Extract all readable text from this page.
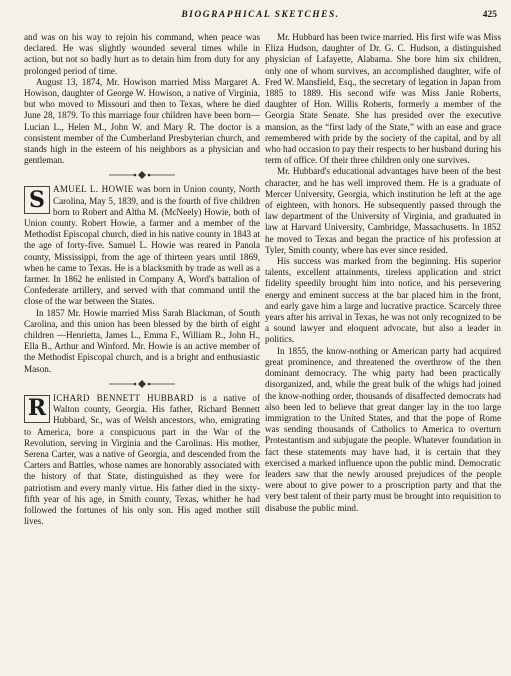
BIOGRAPHICAL SKETCHES.	425

and was on his way to rejoin his command, when peace was declared. He was slightly wounded several times while in action, but not so badly hurt as to detain him from duty for any prolonged period of time.

August 13, 1874, Mr. Howison married Miss Margaret A. Howison, daughter of George W. Howison, a native of Virginia, but who moved to Missouri and then to Texas, where he died June 28, 1879. To this marriage four children have been born—Lucian L., Helen M., John W. and Mary R. The doctor is a consistent member of the Cumberland Presbyterian church, and stands high in the esteem of his neighbors as a physician and gentleman.

S AMUEL L. HOWIE was born in Union county, North Carolina, May 5, 1839, and is the fourth of five children born to Robert and Altha M. (McNeely) Howie, both of Union county. Robert Howie, a farmer and a member of the Methodist Episcopal church, died in his native county in 1843 at the age of forty-five. Samuel L. Howie was reared in Panola county, Mississippi, from the age of thirteen years until 1869, when he came to Texas. He is a blacksmith by trade as well as a farmer. In 1862 he enlisted in Company A, Word's battalion of Confederate artillery, and served with that command until the close of the war between the States.

In 1857 Mr. Howie married Miss Sarah Blackman, of South Carolina, and this union has been blessed by the birth of eight children —Henrietta, James L., Emma F., William R., John H., Ella B., Arthur and Winford. Mr. Howie is an active member of the Methodist Episcopal church, and is a bright and enthusiastic Mason.

R ICHARD BENNETT HUBBARD is a native of Walton county, Georgia. His father, Richard Bennett Hubbard, Sr., was of Welsh ancestors, who, emigrating to America, bore a conspicuous part in the War of the Revolution, serving in Virginia and the Carolinas. His mother, Serena Carter, was a native of Georgia, and descended from the Carters and Battles, whose names are honorably associated with the history of that State, distinguished as they were for patriotism and every manly virtue. His father died in the sixty-fifth year of his age, in Smith county, Texas, whither he had followed the fortunes of his only son. His aged mother still lives.

Mr. Hubbard has been twice married. His first wife was Miss Eliza Hudson, daughter of Dr. G. C. Hudson, a distinguished physician of Lafayette, Alabama. She bore him six children, only one of whom survives, an accomplished daughter, wife of Fred W. Mansfield, Esq., the secretary of legation in Japan from 1885 to 1889. His second wife was Miss Janie Roberts, daughter of Hon. Willis Roberts, formerly a member of the Georgia State Senate. She has presided over the executive mansion, as the “first lady of the State,” with an ease and grace remembered with pride by the society of the capital, and by all who had occasion to pay their respects to her husband during his term of office. Of their three children only one survives.

Mr. Hubbard's educational advantages have been of the best character, and he has well improved them. He is a graduate of Mercer University, Georgia, which institution he left at the age of eighteen, with honors. He subsequently passed through the law department of the University of Virginia, and graduated in law at Harvard University, Cambridge, Massachusetts. In 1852 he moved to Texas and began the practice of his profession at Tyler, Smith county, where has ever since resided.

His success was marked from the beginning. His superior talents, excellent attainments, tireless application and strict fidelity speedily brought him into notice, and his persevering energy and eminent success at the bar placed him in the front, and early gave him a large and lucrative practice. Scarcely three years after his arrival in Texas, he was not only recognized to be a sound lawyer and eloquent advocate, but also a leader in politics.

In 1855, the know-nothing or American party had acquired great prominence, and threatened the overthrow of the then dominant democracy. The whig party had been practically disorganized, and, while the great bulk of the whigs had joined the know-nothing order, thousands of disaffected democrats had also been led to believe that great danger lay in the too large immigration to the United States, and that the pope of Rome was sending thousands of Catholics to America to overturn Protestantism and subjugate the people. Whatever foundation in fact these statements may have had, it is certain that they exercised a marked influence upon the public mind. Democratic leaders saw that the newly aroused prejudices of the people were about to give power to a proscription party and that the very best talent of their party must be brought into requisition to disabuse the public mind.
